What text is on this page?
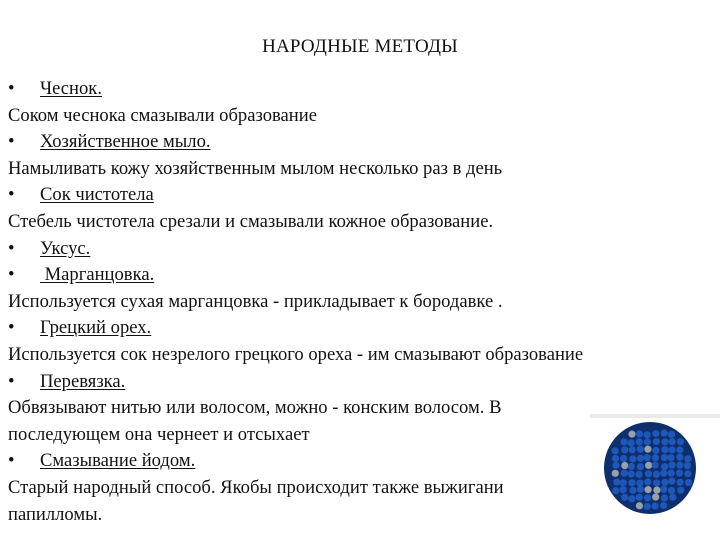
НАРОДНЫЕ МЕТОДЫ
• Чеснок.
Соком чеснока смазывали образование
• Хозяйственное мыло.
Намыливать кожу хозяйственным мылом несколько раз в день
• Сок чистотела
Стебель чистотела срезали и смазывали кожное образование.
• Уксус.
• Марганцовка.
Используется сухая марганцовка - прикладывает к бородавке .
• Грецкий орех.
Используется сок незрелого грецкого ореха - им смазывают образование
• Перевязка.
Обвязывают нитью или волосом, можно - конским волосом. В
последующем она чернеет и отсыхает
• Смазывание йодом.
Старый народный способ. Якобы происходит также выжигани
папилломы.
